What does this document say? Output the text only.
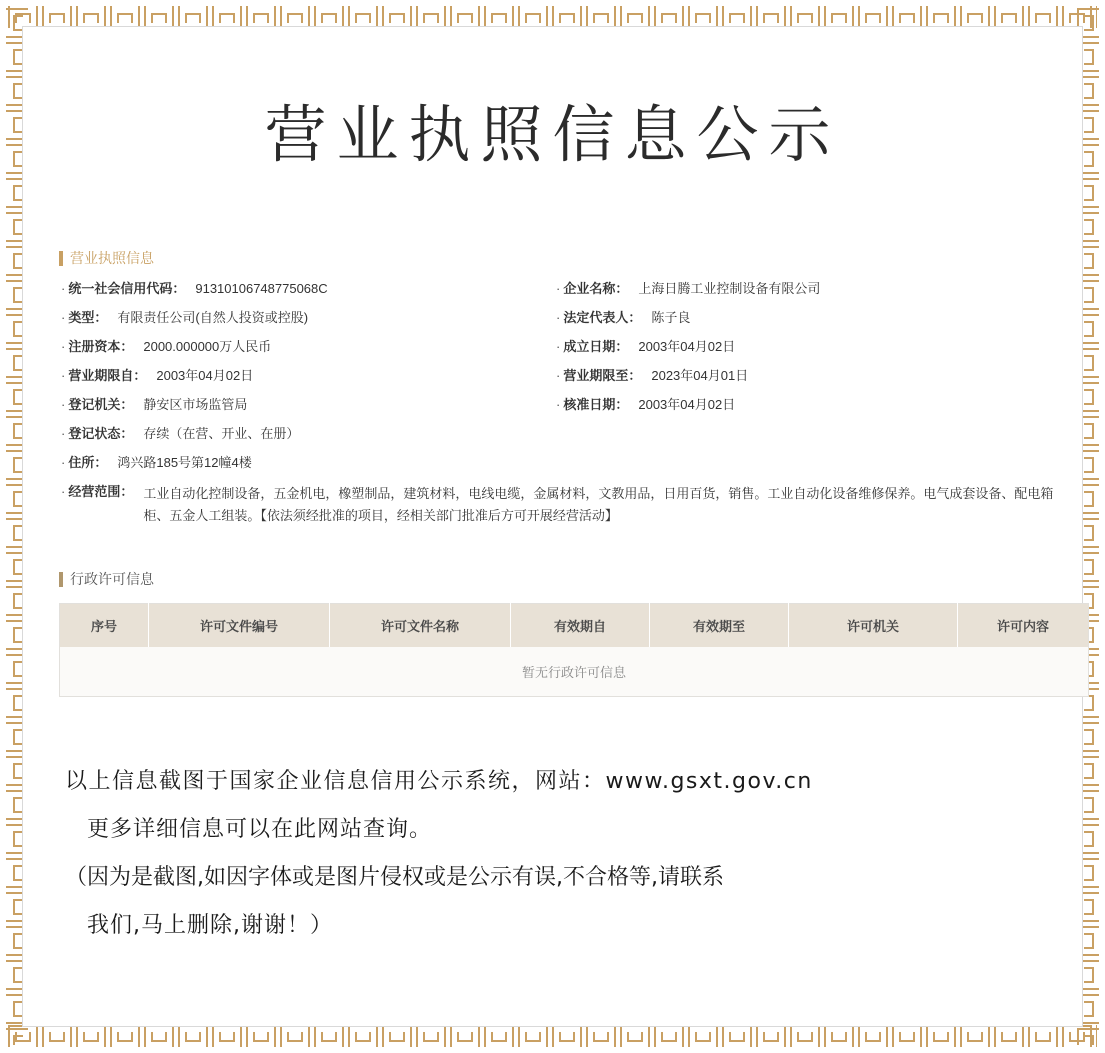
营业执照信息公示
营业执照信息
· 统一社会信用代码： 91310106748775068C	· 企业名称： 上海日腾工业控制设备有限公司
· 类型： 有限责任公司(自然人投资或控股)	· 法定代表人： 陈子良
· 注册资本： 2000.000000万人民币	· 成立日期： 2003年04月02日
· 营业期限自： 2003年04月02日	· 营业期限至： 2023年04月01日
· 登记机关： 静安区市场监管局	· 核准日期： 2003年04月02日
· 登记状态： 存续（在营、开业、在册）
· 住所： 鸿兴路185号第12幢4楼
· 经营范围： 工业自动化控制设备，五金机电，橡塑制品，建筑材料，电线电缆，金属材料，文教用品，日用百货，销售。工业自动化设备维修保养。电气成套设备、配电箱柜、五金人工组装。【依法须经批准的项目，经相关部门批准后方可开展经营活动】
行政许可信息
序号	许可文件编号	许可文件名称	有效期自	有效期至	许可机关	许可内容
暂无行政许可信息

以上信息截图于国家企业信息信用公示系统，网站：www.gsxt.gov.cn

更多详细信息可以在此网站查询。

（因为是截图,如因字体或是图片侵权或是公示有误,不合格等,请联系

我们,马上删除,谢谢！）
